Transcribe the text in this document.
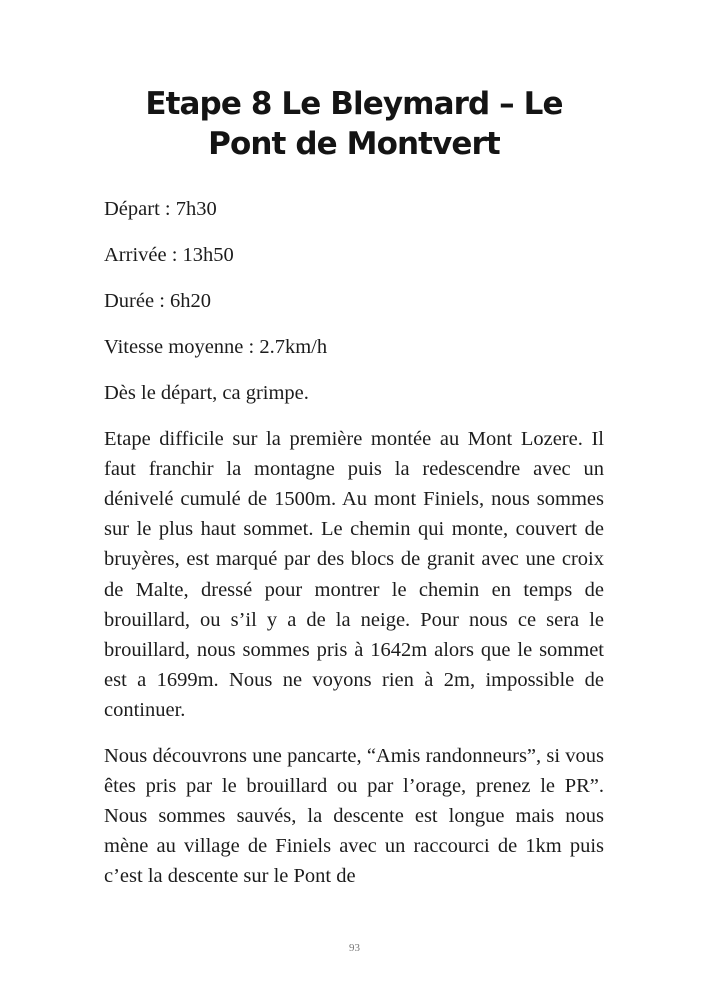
Etape 8 Le Bleymard – Le Pont de Montvert

Départ : 7h30

Arrivée : 13h50

Durée : 6h20

Vitesse moyenne : 2.7km/h

Dès le départ, ca grimpe.

Etape difficile sur la première montée au Mont Lozere. Il faut franchir la montagne puis la redescendre avec un dénivelé cumulé de 1500m. Au mont Finiels, nous sommes sur le plus haut sommet. Le chemin qui monte, couvert de bruyères, est marqué par des blocs de granit avec une croix de Malte, dressé pour montrer le chemin en temps de brouillard, ou s’il y a de la neige. Pour nous ce sera le brouillard, nous sommes pris à 1642m alors que le sommet est a 1699m. Nous ne voyons rien à 2m, impossible de continuer.

Nous découvrons une pancarte, “Amis randonneurs”, si vous êtes pris par le brouillard ou par l’orage, prenez le PR”. Nous sommes sauvés, la descente est longue mais nous mène au village de Finiels avec un raccourci de 1km puis c’est la descente sur le Pont de

93
